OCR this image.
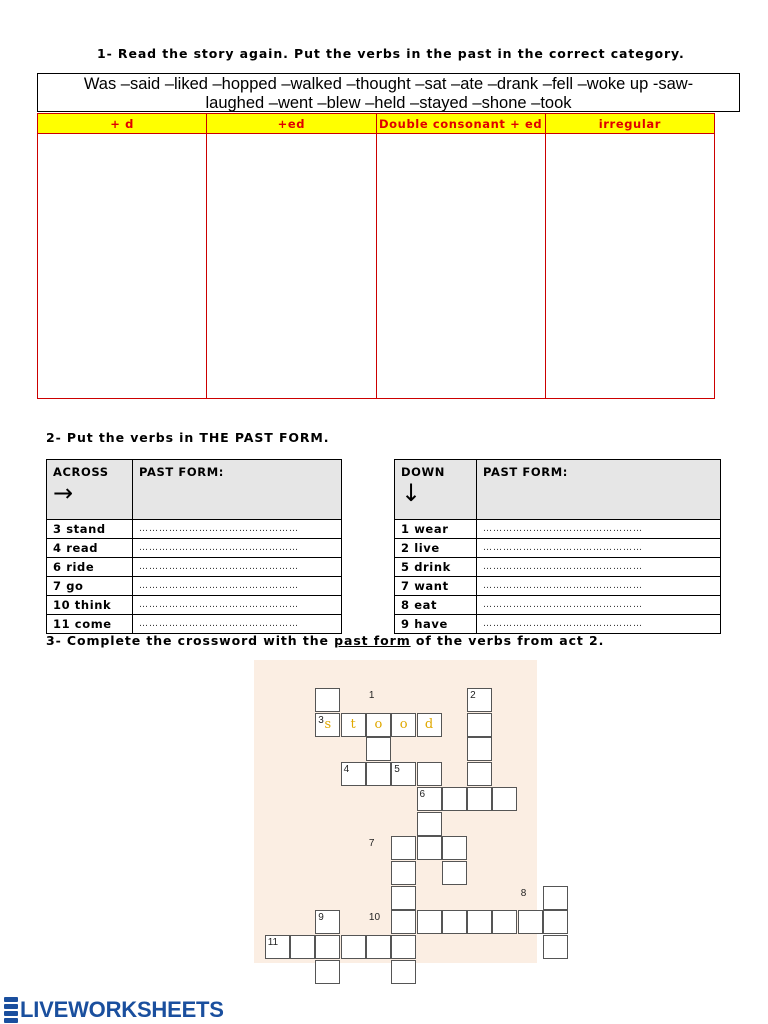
1- Read the story again. Put the verbs in the past in the correct category.
Was –said –liked –hopped –walked –thought –sat –ate –drank –fell –woke up -saw-
laughed –went –blew –held –stayed –shone –took
+ d	+ed	Double consonant + ed	irregular

2- Put the verbs in THE PAST FORM.
ACROSS
→	PAST FORM:
3 stand	…………………………………………
4 read	…………………………………………
6 ride	…………………………………………
7 go	…………………………………………
10 think	…………………………………………
11 come	…………………………………………
DOWN
↓	PAST FORM:
1 wear	…………………………………………
2 live	…………………………………………
5 drink	…………………………………………
7 want	…………………………………………
8 eat	…………………………………………
9 have	…………………………………………
3- Complete the crossword with the past form of the verbs from act 2.
1	2
3
4	5
6
7
8
9	10
11
s	t	o	o	d
LIVEWORKSHEETS
